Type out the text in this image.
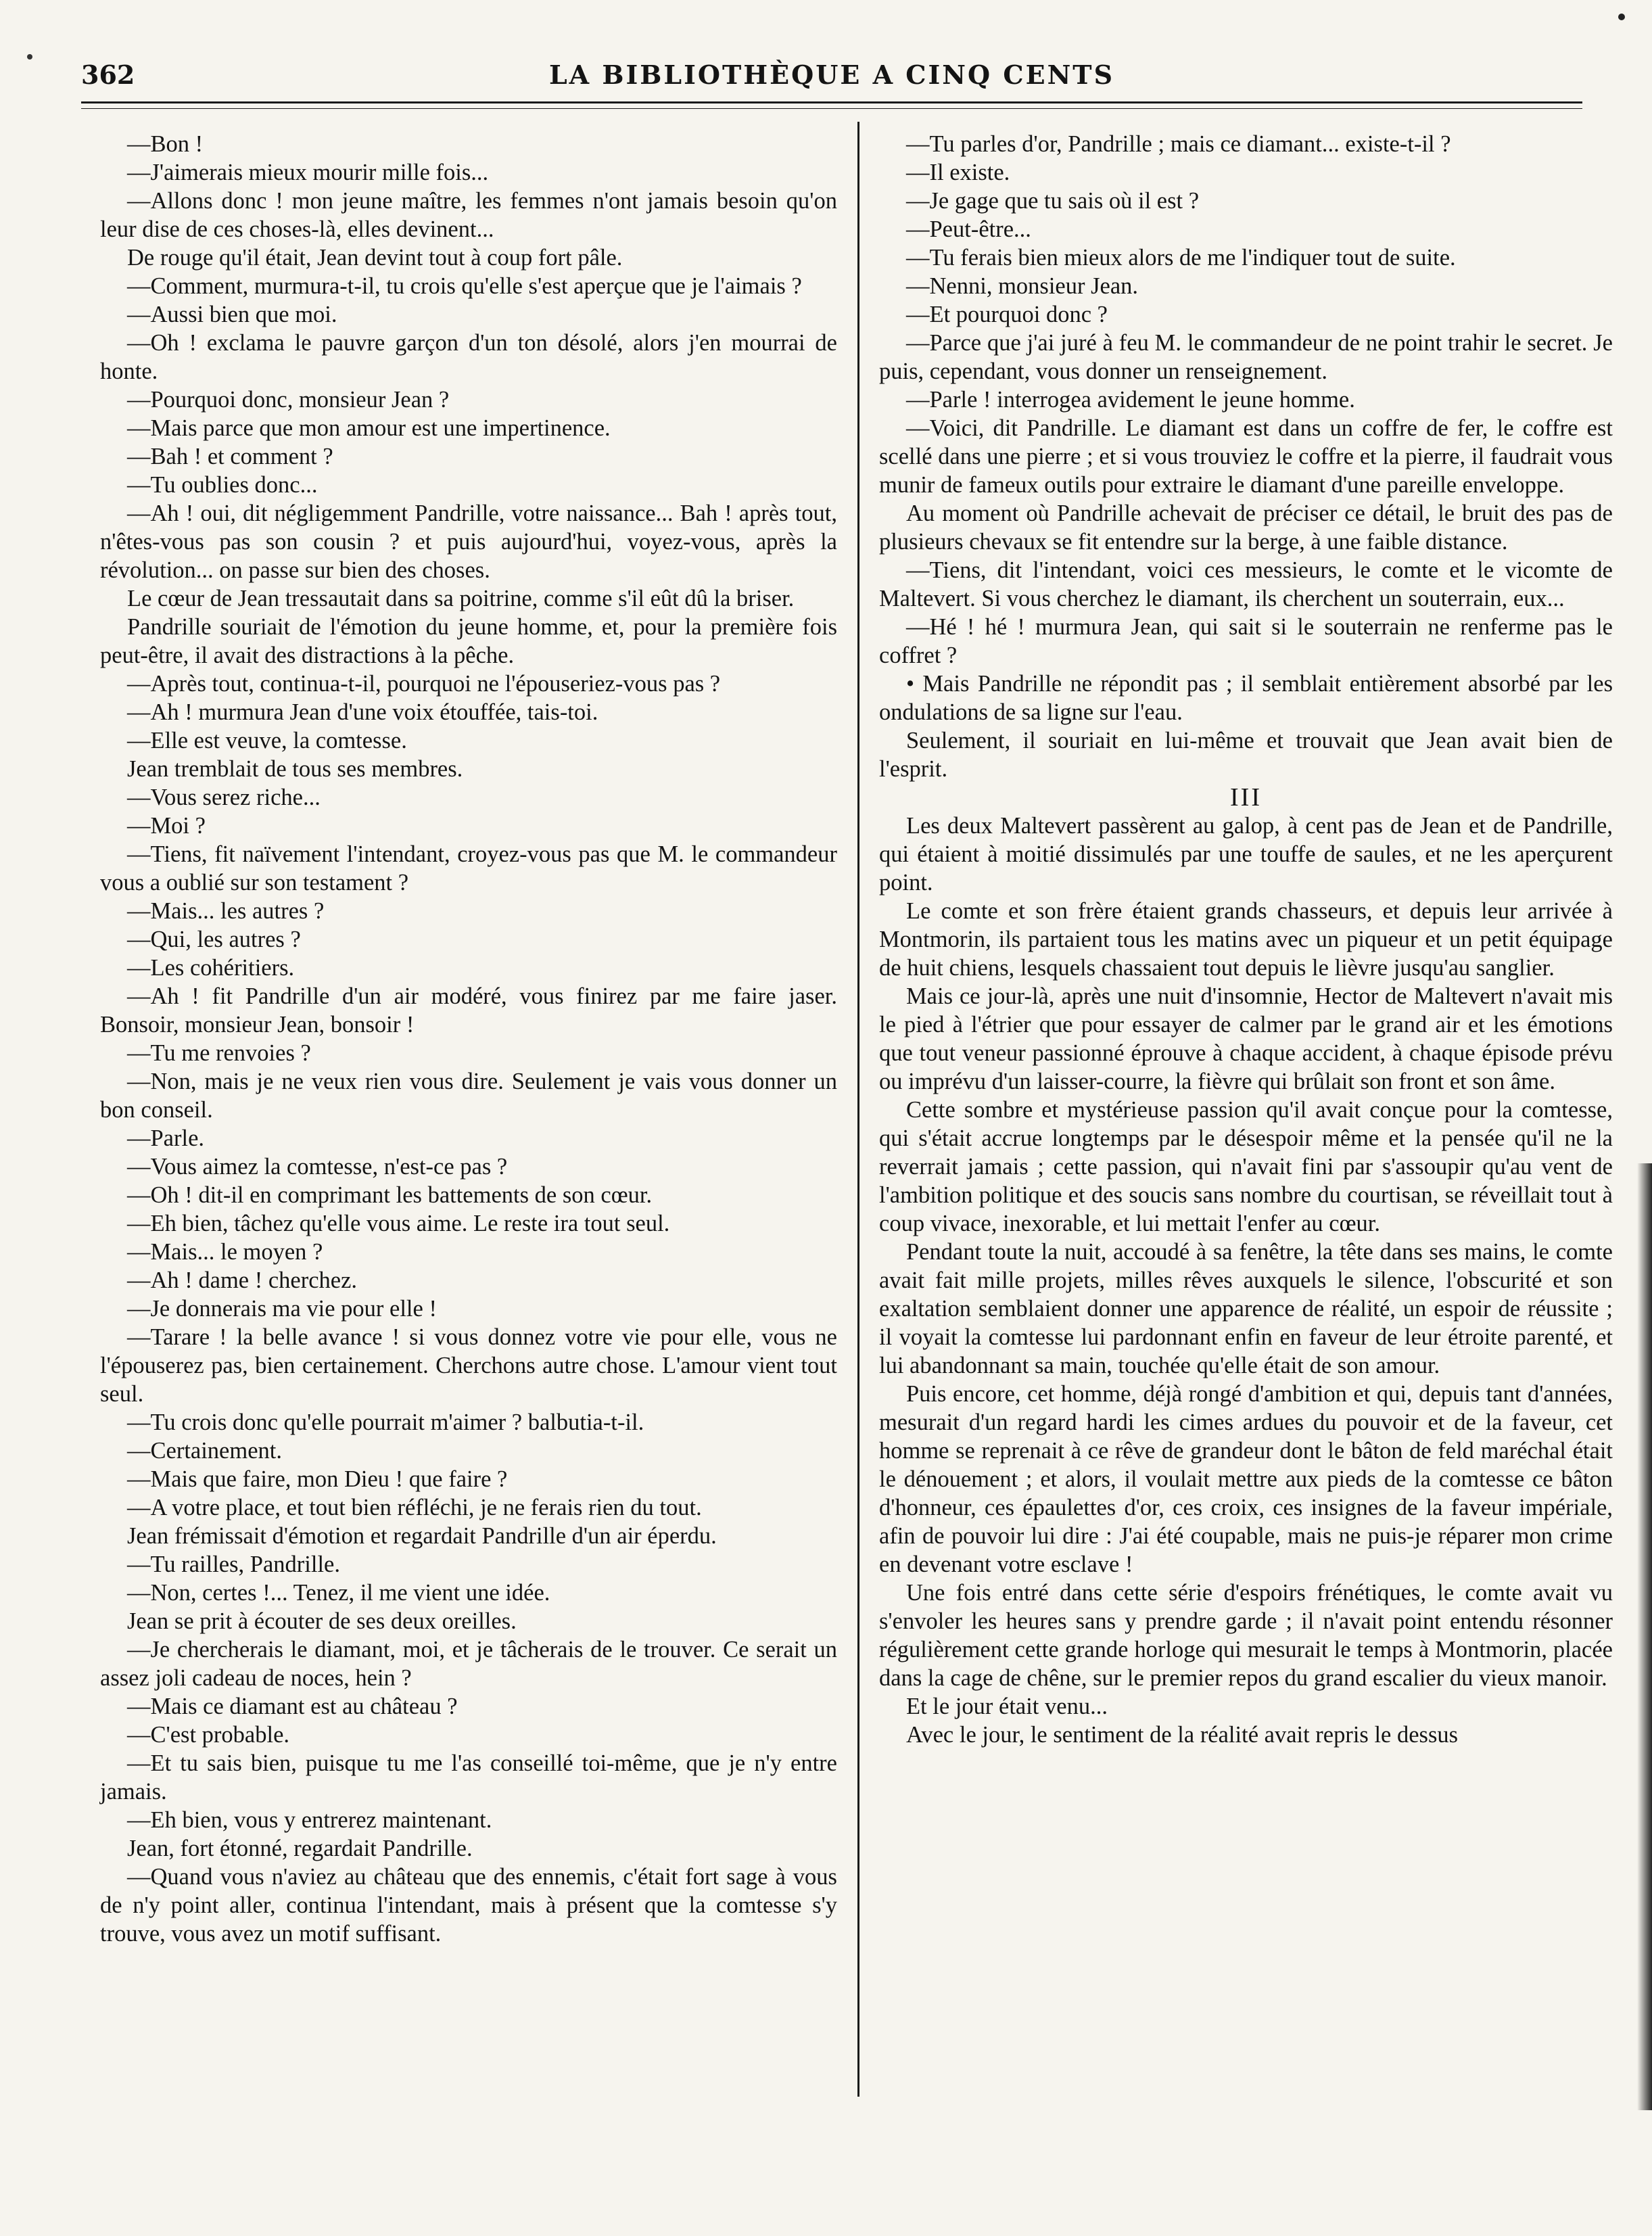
362	LA BIBLIOTHÈQUE A CINQ CENTS

—Bon !

—J'aimerais mieux mourir mille fois...

—Allons donc ! mon jeune maître, les femmes n'ont jamais besoin qu'on leur dise de ces choses-là, elles devinent...

De rouge qu'il était, Jean devint tout à coup fort pâle.

—Comment, murmura-t-il, tu crois qu'elle s'est aperçue que je l'aimais ?

—Aussi bien que moi.

—Oh ! exclama le pauvre garçon d'un ton désolé, alors j'en mourrai de honte.

—Pourquoi donc, monsieur Jean ?

—Mais parce que mon amour est une impertinence.

—Bah ! et comment ?

—Tu oublies donc...

—Ah ! oui, dit négligemment Pandrille, votre naissance... Bah ! après tout, n'êtes-vous pas son cousin ? et puis aujourd'hui, voyez-vous, après la révolution... on passe sur bien des choses.

Le cœur de Jean tressautait dans sa poitrine, comme s'il eût dû la briser.

Pandrille souriait de l'émotion du jeune homme, et, pour la première fois peut-être, il avait des distractions à la pêche.

—Après tout, continua-t-il, pourquoi ne l'épouseriez-vous pas ?

—Ah ! murmura Jean d'une voix étouffée, tais-toi.

—Elle est veuve, la comtesse.

Jean tremblait de tous ses membres.

—Vous serez riche...

—Moi ?

—Tiens, fit naïvement l'intendant, croyez-vous pas que M. le commandeur vous a oublié sur son testament ?

—Mais... les autres ?

—Qui, les autres ?

—Les cohéritiers.

—Ah ! fit Pandrille d'un air modéré, vous finirez par me faire jaser. Bonsoir, monsieur Jean, bonsoir !

—Tu me renvoies ?

—Non, mais je ne veux rien vous dire. Seulement je vais vous donner un bon conseil.

—Parle.

—Vous aimez la comtesse, n'est-ce pas ?

—Oh ! dit-il en comprimant les battements de son cœur.

—Eh bien, tâchez qu'elle vous aime. Le reste ira tout seul.

—Mais... le moyen ?

—Ah ! dame ! cherchez.

—Je donnerais ma vie pour elle !

—Tarare ! la belle avance ! si vous donnez votre vie pour elle, vous ne l'épouserez pas, bien certainement. Cherchons autre chose. L'amour vient tout seul.

—Tu crois donc qu'elle pourrait m'aimer ? balbutia-t-il.

—Certainement.

—Mais que faire, mon Dieu ! que faire ?

—A votre place, et tout bien réfléchi, je ne ferais rien du tout.

Jean frémissait d'émotion et regardait Pandrille d'un air éperdu.

—Tu railles, Pandrille.

—Non, certes !... Tenez, il me vient une idée.

Jean se prit à écouter de ses deux oreilles.

—Je chercherais le diamant, moi, et je tâcherais de le trouver. Ce serait un assez joli cadeau de noces, hein ?

—Mais ce diamant est au château ?

—C'est probable.

—Et tu sais bien, puisque tu me l'as conseillé toi-même, que je n'y entre jamais.

—Eh bien, vous y entrerez maintenant.

Jean, fort étonné, regardait Pandrille.

—Quand vous n'aviez au château que des ennemis, c'était fort sage à vous de n'y point aller, continua l'intendant, mais à présent que la comtesse s'y trouve, vous avez un motif suffisant.

—Tu parles d'or, Pandrille ; mais ce diamant... existe-t-il ?

—Il existe.

—Je gage que tu sais où il est ?

—Peut-être...

—Tu ferais bien mieux alors de me l'indiquer tout de suite.

—Nenni, monsieur Jean.

—Et pourquoi donc ?

—Parce que j'ai juré à feu M. le commandeur de ne point trahir le secret. Je puis, cependant, vous donner un renseignement.

—Parle ! interrogea avidement le jeune homme.

—Voici, dit Pandrille. Le diamant est dans un coffre de fer, le coffre est scellé dans une pierre ; et si vous trouviez le coffre et la pierre, il faudrait vous munir de fameux outils pour extraire le diamant d'une pareille enveloppe.

Au moment où Pandrille achevait de préciser ce détail, le bruit des pas de plusieurs chevaux se fit entendre sur la berge, à une faible distance.

—Tiens, dit l'intendant, voici ces messieurs, le comte et le vicomte de Maltevert. Si vous cherchez le diamant, ils cherchent un souterrain, eux...

—Hé ! hé ! murmura Jean, qui sait si le souterrain ne renferme pas le coffret ?

• Mais Pandrille ne répondit pas ; il semblait entièrement absorbé par les ondulations de sa ligne sur l'eau.

Seulement, il souriait en lui-même et trouvait que Jean avait bien de l'esprit.

III

Les deux Maltevert passèrent au galop, à cent pas de Jean et de Pandrille, qui étaient à moitié dissimulés par une touffe de saules, et ne les aperçurent point.

Le comte et son frère étaient grands chasseurs, et depuis leur arrivée à Montmorin, ils partaient tous les matins avec un piqueur et un petit équipage de huit chiens, lesquels chassaient tout depuis le lièvre jusqu'au sanglier.

Mais ce jour-là, après une nuit d'insomnie, Hector de Maltevert n'avait mis le pied à l'étrier que pour essayer de calmer par le grand air et les émotions que tout veneur passionné éprouve à chaque accident, à chaque épisode prévu ou imprévu d'un laisser-courre, la fièvre qui brûlait son front et son âme.

Cette sombre et mystérieuse passion qu'il avait conçue pour la comtesse, qui s'était accrue longtemps par le désespoir même et la pensée qu'il ne la reverrait jamais ; cette passion, qui n'avait fini par s'assoupir qu'au vent de l'ambition politique et des soucis sans nombre du courtisan, se réveillait tout à coup vivace, inexorable, et lui mettait l'enfer au cœur.

Pendant toute la nuit, accoudé à sa fenêtre, la tête dans ses mains, le comte avait fait mille projets, milles rêves auxquels le silence, l'obscurité et son exaltation semblaient donner une apparence de réalité, un espoir de réussite ; il voyait la comtesse lui pardonnant enfin en faveur de leur étroite parenté, et lui abandonnant sa main, touchée qu'elle était de son amour.

Puis encore, cet homme, déjà rongé d'ambition et qui, depuis tant d'années, mesurait d'un regard hardi les cimes ardues du pouvoir et de la faveur, cet homme se reprenait à ce rêve de grandeur dont le bâton de feld maréchal était le dénouement ; et alors, il voulait mettre aux pieds de la comtesse ce bâton d'honneur, ces épaulettes d'or, ces croix, ces insignes de la faveur impériale, afin de pouvoir lui dire : J'ai été coupable, mais ne puis-je réparer mon crime en devenant votre esclave !

Une fois entré dans cette série d'espoirs frénétiques, le comte avait vu s'envoler les heures sans y prendre garde ; il n'avait point entendu résonner régulièrement cette grande horloge qui mesurait le temps à Montmorin, placée dans la cage de chêne, sur le premier repos du grand escalier du vieux manoir.

Et le jour était venu...

Avec le jour, le sentiment de la réalité avait repris le dessus
